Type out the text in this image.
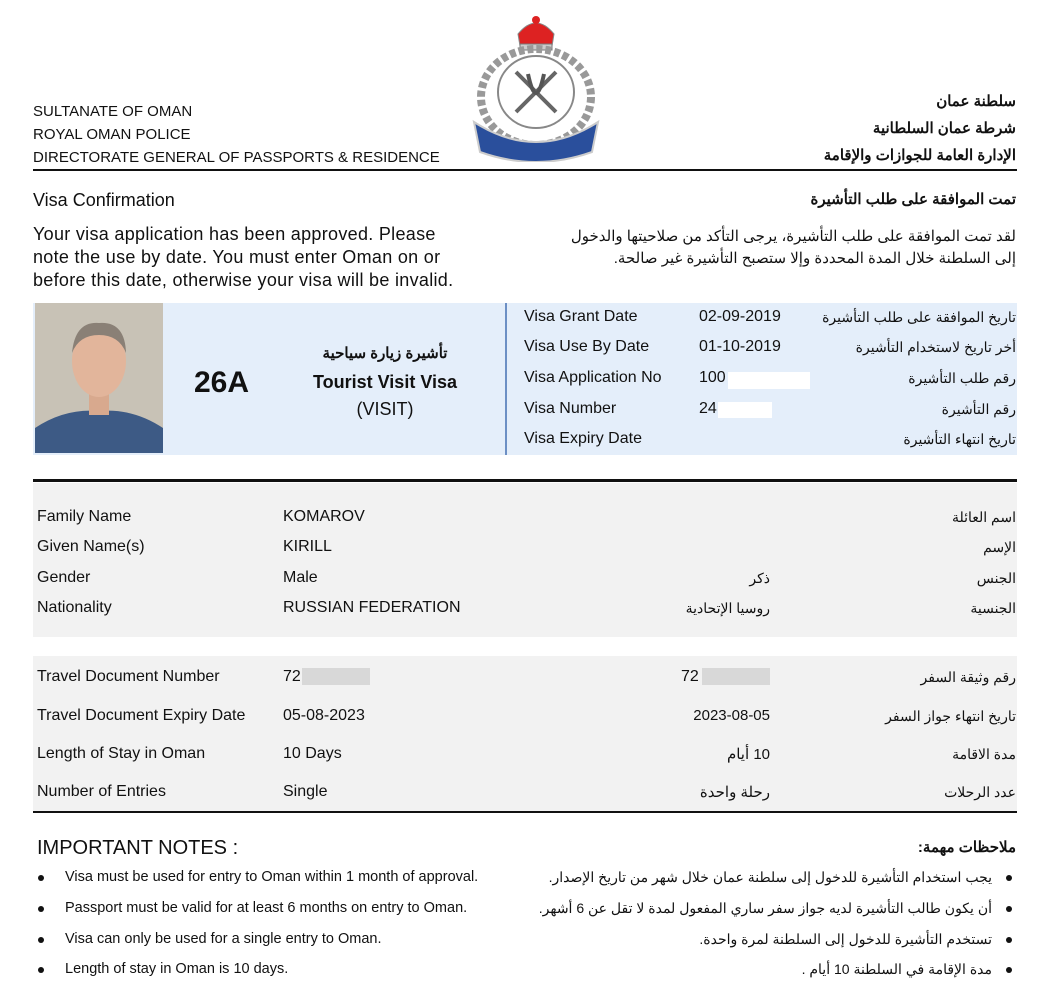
SULTANATE OF OMAN
ROYAL OMAN POLICE
DIRECTORATE GENERAL OF PASSPORTS & RESIDENCE
سلطنة عمان
شرطة عمان السلطانية
الإدارة العامة للجوازات والإقامة
Visa Confirmation	تمت الموافقة على طلب التأشيرة
Your visa application has been approved. Please
note the use by date. You must enter Oman on or
before this date, otherwise your visa will be invalid.
لقد تمت الموافقة على طلب التأشيرة، يرجى التأكد من صلاحيتها والدخول
إلى السلطنة خلال المدة المحددة وإلا ستصبح التأشيرة غير صالحة.
26A
تأشيرة زيارة سياحية
Tourist Visit Visa
(VISIT)
Visa Grant Date	02-09-2019	تاريخ الموافقة على طلب التأشيرة
Visa Use By Date	01-10-2019	أخر تاريخ لاستخدام التأشيرة
Visa Application No 100	رقم طلب التأشيرة
Visa Number	24	رقم التأشيرة
Visa Expiry Date	تاريخ انتهاء التأشيرة
Family Name	KOMAROV	اسم العائلة
Given Name(s)	KIRILL	الإسم
Gender	Male	ذكر	الجنس
Nationality	RUSSIAN FEDERATION	روسيا الإتحادية	الجنسية
Travel Document Number	72	72	رقم وثيقة السفر
Travel Document Expiry Date 05-08-2023	2023-08-05	تاريخ انتهاء جواز السفر
Length of Stay in Oman	10 Days	10 أيام	مدة الاقامة
Number of Entries	Single	رحلة واحدة	عدد الرحلات
IMPORTANT NOTES :	ملاحظات مهمة:
Visa must be used for entry to Oman within 1 month of approval.	يجب استخدام التأشيرة للدخول إلى سلطنة عمان خلال شهر من تاريخ الإصدار.
Passport must be valid for at least 6 months on entry to Oman.	أن يكون طالب التأشيرة لديه جواز سفر ساري المفعول لمدة لا تقل عن 6 أشهر.
Visa can only be used for a single entry to Oman.	تستخدم التأشيرة للدخول إلى السلطنة لمرة واحدة.
Length of stay in Oman is 10 days.	مدة الإقامة في السلطنة 10 أيام .
